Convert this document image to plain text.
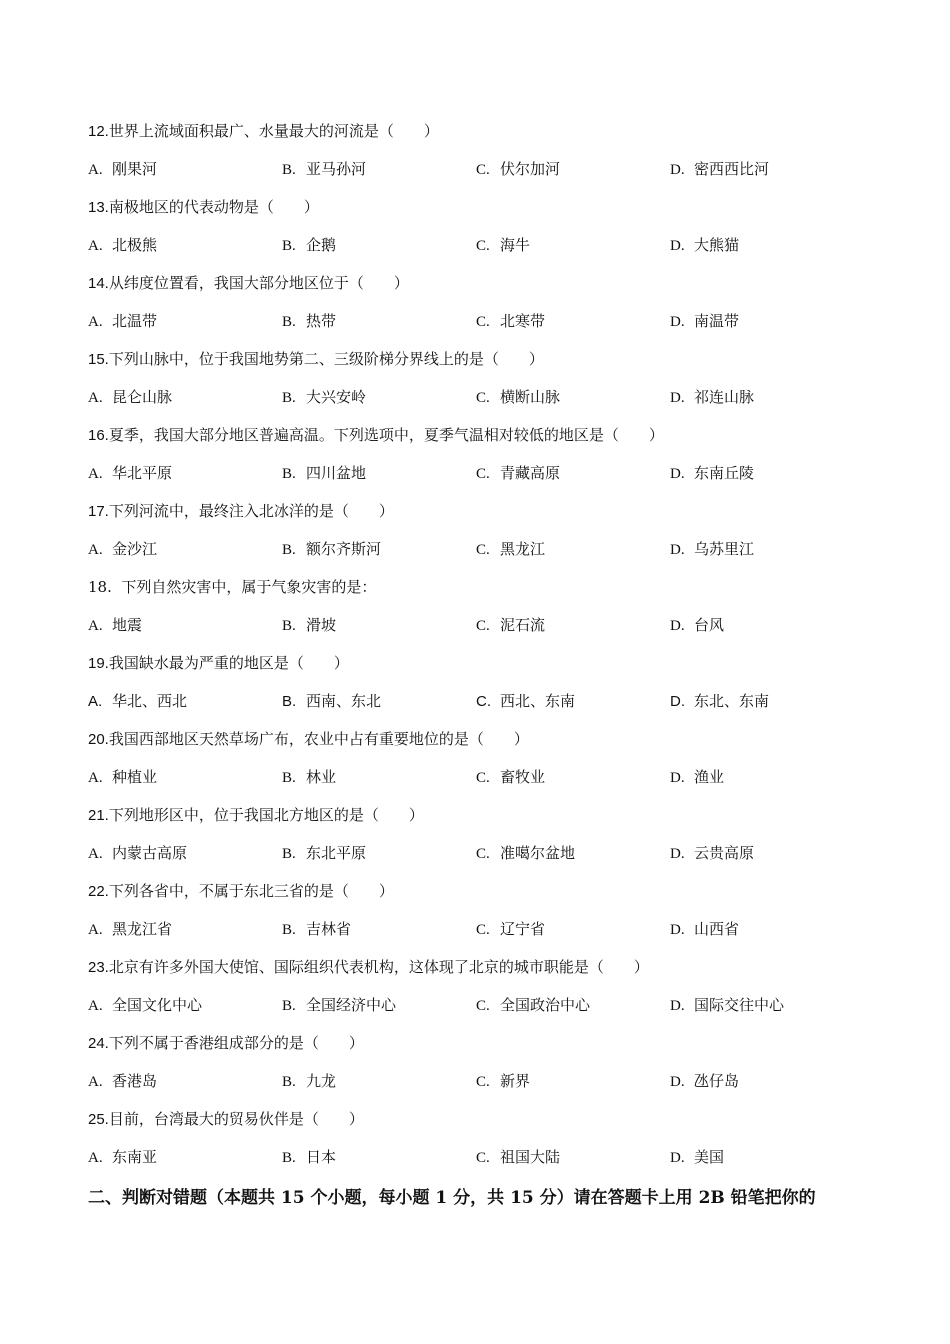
12.世界上流域面积最广、水量最大的河流是（　　）
A. 刚果河	B. 亚马孙河	C. 伏尔加河	D. 密西西比河
13.南极地区的代表动物是（　　）
A. 北极熊	B. 企鹅	C. 海牛	D. 大熊猫
14.从纬度位置看，我国大部分地区位于（　　）
A. 北温带	B. 热带	C. 北寒带	D. 南温带
15.下列山脉中，位于我国地势第二、三级阶梯分界线上的是（　　）
A. 昆仑山脉	B. 大兴安岭	C. 横断山脉	D. 祁连山脉
16.夏季，我国大部分地区普遍高温。下列选项中，夏季气温相对较低的地区是（　　）
A. 华北平原	B. 四川盆地	C. 青藏高原	D. 东南丘陵
17.下列河流中，最终注入北冰洋的是（　　）
A. 金沙江	B. 额尔齐斯河	C. 黑龙江	D. 乌苏里江
18.  下列自然灾害中，属于气象灾害的是：
A. 地震	B. 滑坡	C. 泥石流	D. 台风
19.我国缺水最为严重的地区是（　　）
A. 华北、西北	B. 西南、东北	C. 西北、东南	D. 东北、东南
20.我国西部地区天然草场广布，农业中占有重要地位的是（　　）
A. 种植业	B. 林业	C. 畜牧业	D. 渔业
21.下列地形区中，位于我国北方地区的是（　　）
A. 内蒙古高原	B. 东北平原	C. 准噶尔盆地	D. 云贵高原
22.下列各省中，不属于东北三省的是（　　）
A. 黑龙江省	B. 吉林省	C. 辽宁省	D. 山西省
23.北京有许多外国大使馆、国际组织代表机构，这体现了北京的城市职能是（　　）
A. 全国文化中心	B. 全国经济中心	C. 全国政治中心	D. 国际交往中心
24.下列不属于香港组成部分的是（　　）
A. 香港岛	B. 九龙	C. 新界	D. 氹仔岛
25.目前，台湾最大的贸易伙伴是（　　）
A. 东南亚	B. 日本	C. 祖国大陆	D. 美国
二、判断对错题（本题共 15 个小题，每小题 1 分，共 15 分）请在答题卡上用 2B 铅笔把你的
